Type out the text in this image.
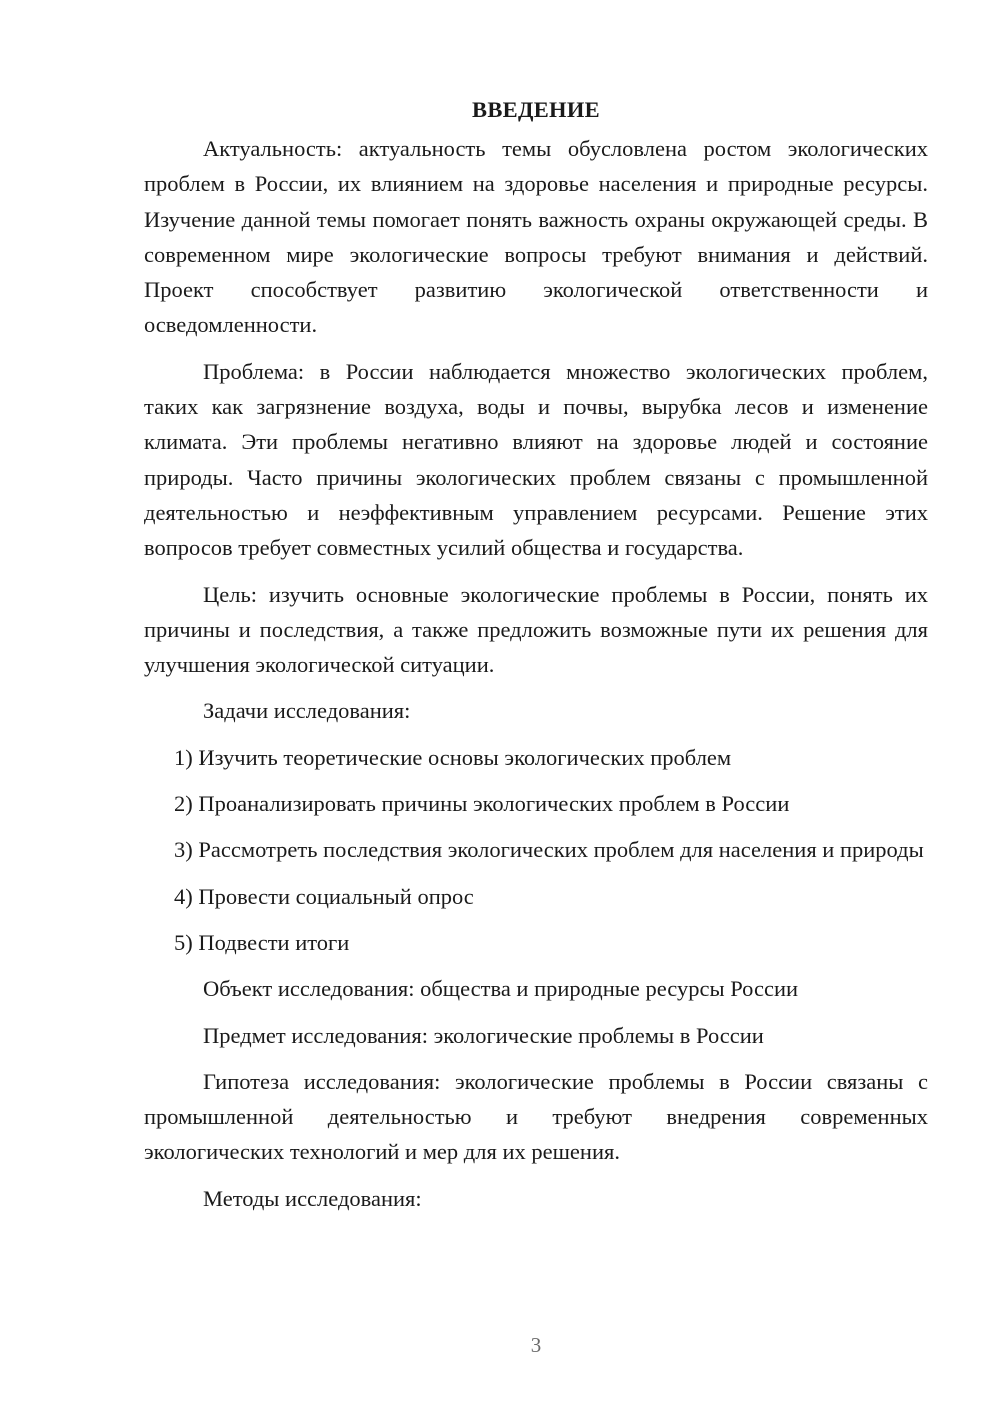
ВВЕДЕНИЕ

Актуальность: актуальность темы обусловлена ростом экологических проблем в России, их влиянием на здоровье населения и природные ресурсы. Изучение данной темы помогает понять важность охраны окружающей среды. В современном мире экологические вопросы требуют внимания и действий. Проект способствует развитию экологической ответственности и осведомленности.

Проблема: в России наблюдается множество экологических проблем, таких как загрязнение воздуха, воды и почвы, вырубка лесов и изменение климата. Эти проблемы негативно влияют на здоровье людей и состояние природы. Часто причины экологических проблем связаны с промышленной деятельностью и неэффективным управлением ресурсами. Решение этих вопросов требует совместных усилий общества и государства.

Цель: изучить основные экологические проблемы в России, понять их причины и последствия, а также предложить возможные пути их решения для улучшения экологической ситуации.

Задачи исследования:

1) Изучить теоретические основы экологических проблем

2) Проанализировать причины экологических проблем в России

3) Рассмотреть последствия экологических проблем для населения и природы

4) Провести социальный опрос

5) Подвести итоги

Объект исследования: общества и природные ресурсы России

Предмет исследования: экологические проблемы в России

Гипотеза исследования: экологические проблемы в России связаны с промышленной деятельностью и требуют внедрения современных экологических технологий и мер для их решения.

Методы исследования:

3
